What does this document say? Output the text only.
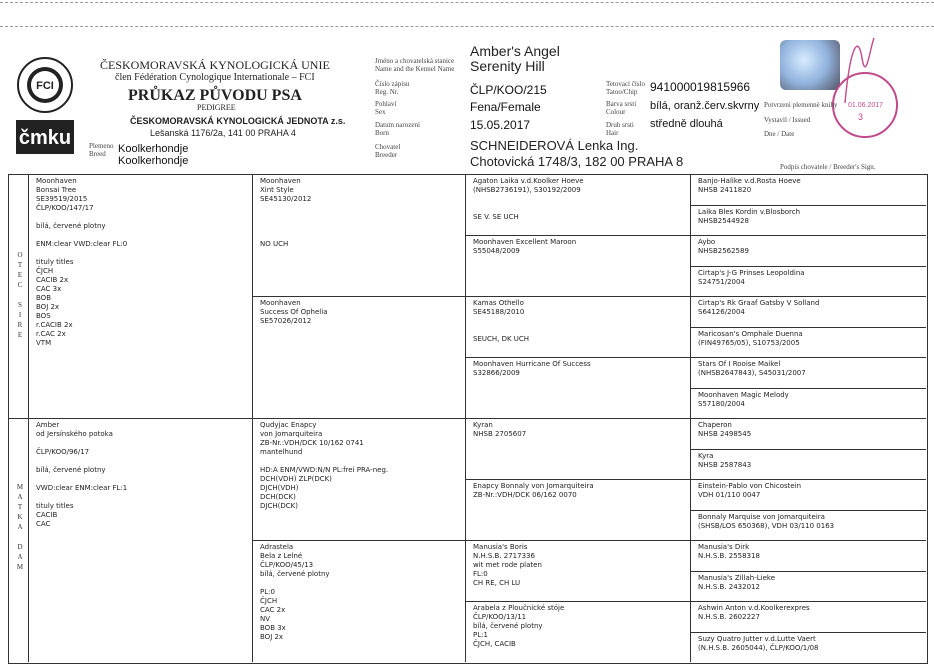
FCI
čmku
ČESKOMORAVSKÁ KYNOLOGICKÁ UNIE
člen Fédération Cynologique Internationale – FCI
PRŮKAZ PŮVODU PSA
PEDIGREE
ČESKOMORAVSKÁ KYNOLOGICKÁ JEDNOTA z.s.
Lešanská 1176/2a, 141 00 PRAHA 4
Plemeno
Breed	Koolkerhondje
Koolkerhondje
Jméno a chovatelská stanice
Name and the Kennel Name
Číslo zápisu
Reg. Nr.
Pohlaví
Sex
Datum narození
Born
Chovatel
Breeder
Amber's Angel
Serenity Hill
ČLP/KOO/215
Fena/Female
15.05.2017
SCHNEIDEROVÁ Lenka Ing.
Chotovická 1748/3, 182 00 PRAHA 8
Tetovací číslo
Tatoo/Chip
Barva srsti
Colour
Druh srsti
Hair
941000019815966
bílá, oranž.červ.skvrny
středně dlouhá
3
01.06.2017
Potvrzení plemenné knihy
Vystavil / Issued
Dne / Date
Podpis chovatele / Breeder's Sign.
Moonhaven
Bonsai Tree
SE39519/2015
ČLP/KOO/147/17
bílá, červené plotny
ENM:clear VWD:clear FL:0
tituly titles
ČJCH
CACIB 2x
CAC 3x
BOB
BOJ 2x
BOS
r.CACIB 2x
r.CAC 2x
VTM
Amber
od Jersínského potoka
ČLP/KOO/96/17
bílá, červené plotny
VWD:clear ENM:clear FL:1
tituly titles
CACIB
CAC
Moonhaven
Xint Style
SE45130/2012
NO UCH
Moonhaven
Success Of Ophelia
SE57026/2012
Qudyjac Enapcy
von Jomarquiteira
ZB-Nr.:VDH/DCK 10/162 0741
mantelhund
HD:A ENM/VWD:N/N PL:frei PRA-neg.
DCH(VDH) ZLP(DCK)
DJCH(VDH)
DCH(DCK)
DJCH(DCK)
Adrastela
Bela z Lelné
ČLP/KOO/45/13
bílá, červené plotny
PL:0
ČJCH
CAC 2x
NV
BOB 3x
BOJ 2x
Agaton Laika v.d.Koolker Hoeve
(NHSB2736191), S30192/2009
SE V. SE UCH
Moonhaven Excellent Maroon
S55048/2009
Kamas Othello
SE45188/2010
SEUCH, DK UCH
Moonhaven Hurricane Of Success
S32866/2009
Kyran
NHSB 2705607
Enapcy Bonnaly von Jomarquiteira
ZB-Nr.:VDH/DCK 06/162 0070
Manusia's Boris
N.H.S.B. 2717336
wit met rode platen
FL:0
CH RE, CH LU
Arabela z Ploučnické stóje
ČLP/KOO/13/11
bílá, červené plotny
PL:1
ČJCH, CACIB
Banjo-Halike v.d.Rosta Hoeve
NHSB 2411820
Laika Bles Kordin v.Blosborch
NHSB2544928
Aybo
NHSB2562589
Cirtap's J-G Prinses Leopoldina
S24751/2004
Cirtap's Rk Graaf Gatsby V Solland
S64126/2004
Maricosan's Omphale Duenna
(FIN49765/05), S10753/2005
Stars Of I Rooise Maikel
(NHSB2647843), S45031/2007
Moonhaven Magic Melody
S57180/2004
Chaperon
NHSB 2498545
Kyra
NHSB 2587843
Einstein-Pablo von Chicostein
VDH 01/110 0047
Bonnaly Marquise von Jomarquiteira
(SHSB/LOS 650368), VDH 03/110 0163
Manusia's Dirk
N.H.S.B. 2558318
Manusia's Zillah-Lieke
N.H.S.B. 2432012
Ashwin Anton v.d.Koolkerexpres
N.H.S.B. 2602227
Suzy Quatro Jutter v.d.Lutte Vaert
(N.H.S.B. 2605044), ČLP/KOO/1/08
O
T
E
C

S
I
R
E
M
A
T
K
A

D
A
M
